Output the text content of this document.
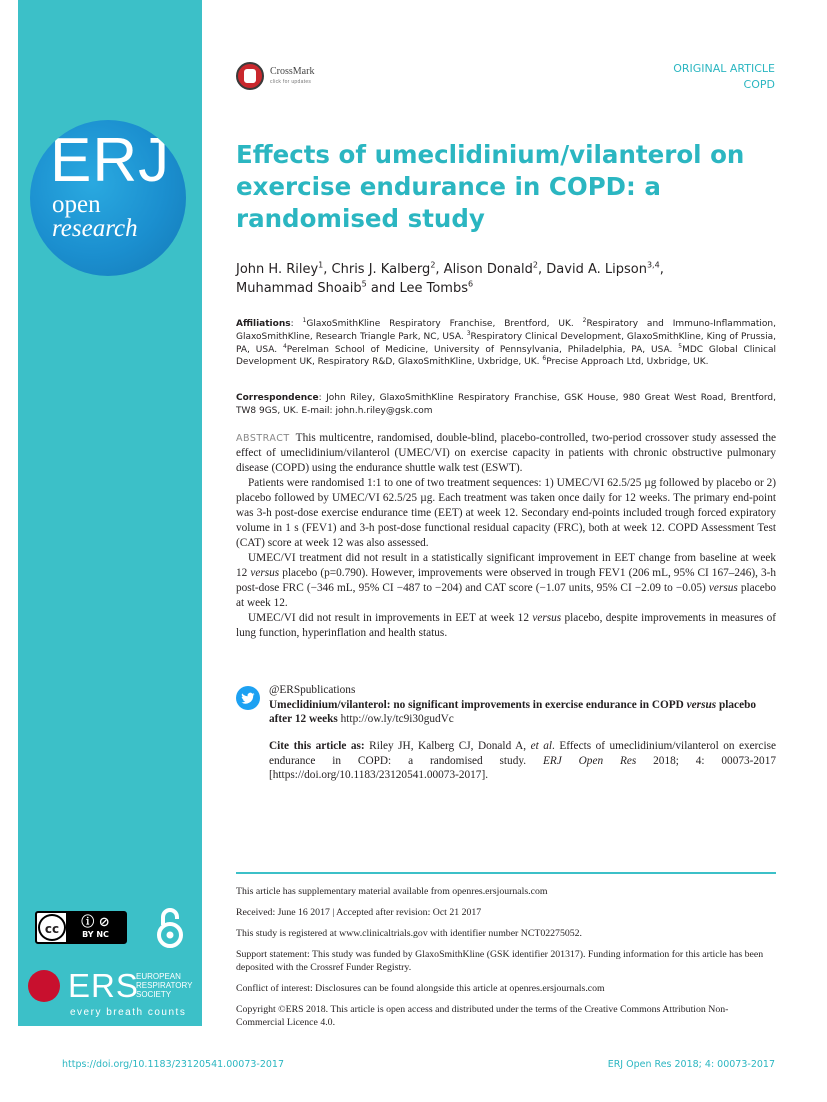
ERJ
open
research
CrossMark
click for updates
ORIGINAL ARTICLE
COPD
Effects of umeclidinium/vilanterol on exercise endurance in COPD: a randomised study
John H. Riley$^1$, Chris J. Kalberg$^2$, Alison Donald$^2$, David A. Lipson$^{3,4}$,
Muhammad Shoaib$^5$ and Lee Tombs$^6$
Affiliations: $^1$GlaxoSmithKline Respiratory Franchise, Brentford, UK. $^2$Respiratory and Immuno-Inflammation, GlaxoSmithKline, Research Triangle Park, NC, USA. $^3$Respiratory Clinical Development, GlaxoSmithKline, King of Prussia, PA, USA. $^4$Perelman School of Medicine, University of Pennsylvania, Philadelphia, PA, USA. $^5$MDC Global Clinical Development UK, Respiratory R&D, GlaxoSmithKline, Uxbridge, UK. $^6$Precise Approach Ltd, Uxbridge, UK.
Correspondence: John Riley, GlaxoSmithKline Respiratory Franchise, GSK House, 980 Great West Road, Brentford, TW8 9GS, UK. E-mail: john.h.riley@gsk.com

ABSTRACT This multicentre, randomised, double-blind, placebo-controlled, two-period crossover study assessed the effect of umeclidinium/vilanterol (UMEC/VI) on exercise capacity in patients with chronic obstructive pulmonary disease (COPD) using the endurance shuttle walk test (ESWT).

Patients were randomised 1:1 to one of two treatment sequences: 1) UMEC/VI 62.5/25 µg followed by placebo or 2) placebo followed by UMEC/VI 62.5/25 µg. Each treatment was taken once daily for 12 weeks. The primary end-point was 3-h post-dose exercise endurance time (EET) at week 12. Secondary end-points included trough forced expiratory volume in 1 s (FEV1) and 3-h post-dose functional residual capacity (FRC), both at week 12. COPD Assessment Test (CAT) score at week 12 was also assessed.

UMEC/VI treatment did not result in a statistically significant improvement in EET change from baseline at week 12 versus placebo (p=0.790). However, improvements were observed in trough FEV1 (206 mL, 95% CI 167–246), 3-h post-dose FRC (−346 mL, 95% CI −487 to −204) and CAT score (−1.07 units, 95% CI −2.09 to −0.05) versus placebo at week 12.

UMEC/VI did not result in improvements in EET at week 12 versus placebo, despite improvements in measures of lung function, hyperinflation and health status.

@ERSpublications
Umeclidinium/vilanterol: no significant improvements in exercise endurance in COPD versus placebo after 12 weeks http://ow.ly/tc9i30gudVc
Cite this article as: Riley JH, Kalberg CJ, Donald A, et al. Effects of umeclidinium/vilanterol on exercise endurance in COPD: a randomised study. ERJ Open Res 2018; 4: 00073-2017 [https://doi.org/10.1183/23120541.00073-2017].

This article has supplementary material available from openres.ersjournals.com

Received: June 16 2017 | Accepted after revision: Oct 21 2017

This study is registered at www.clinicaltrials.gov with identifier number NCT02275052.

Support statement: This study was funded by GlaxoSmithKline (GSK identifier 201317). Funding information for this article has been deposited with the Crossref Funder Registry.

Conflict of interest: Disclosures can be found alongside this article at openres.ersjournals.com

Copyright ©ERS 2018. This article is open access and distributed under the terms of the Creative Commons Attribution Non-Commercial Licence 4.0.

cc	ⓘ ⊘
BY NC
ERS
EUROPEAN RESPIRATORY SOCIETY
every breath counts
https://doi.org/10.1183/23120541.00073-2017	ERJ Open Res 2018; 4: 00073-2017
